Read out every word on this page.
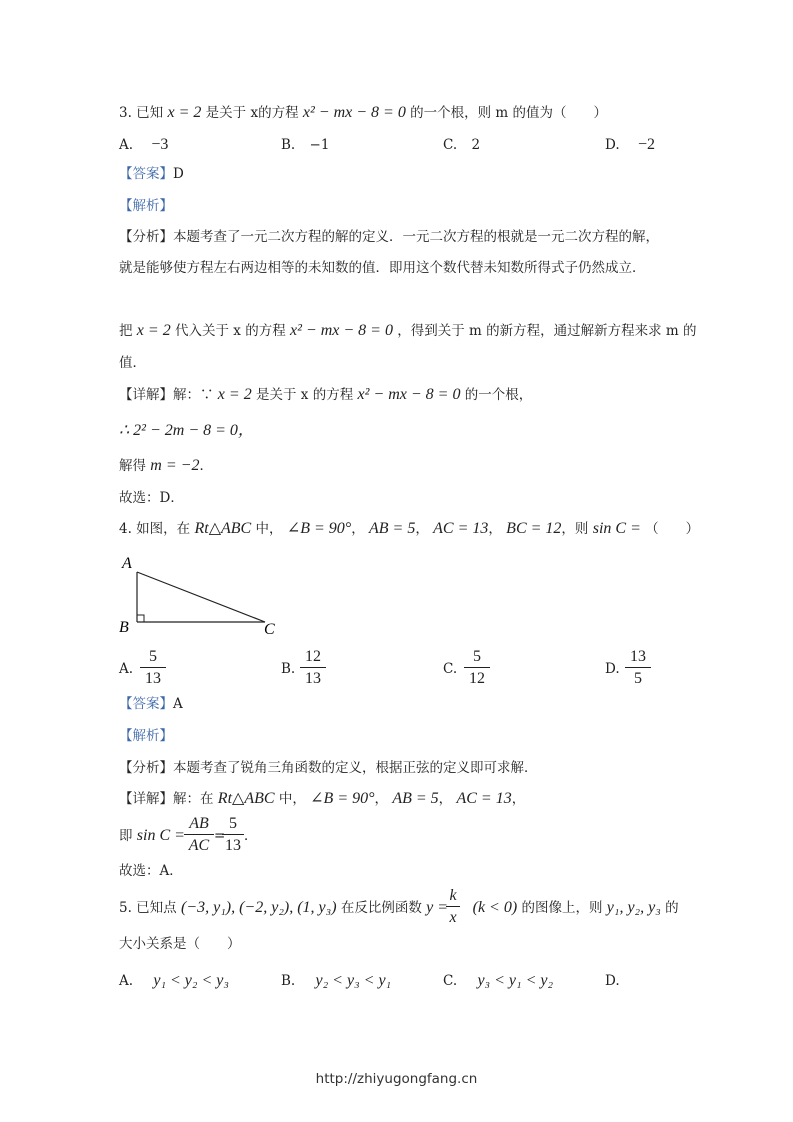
3. 已知 x = 2 是关于 x的方程 x² − mx − 8 = 0 的一个根，则 m 的值为（　　）
A. −3	B. −1	C. 2	D. −2
【答案】D
【解析】
【分析】本题考查了一元二次方程的解的定义．一元二次方程的根就是一元二次方程的解，
就是能够使方程左右两边相等的未知数的值．即用这个数代替未知数所得式子仍然成立．
把 x = 2 代入关于 x 的方程 x² − mx − 8 = 0 ，得到关于 m 的新方程，通过解新方程来求 m 的
值．
【详解】解：∵ x = 2 是关于 x 的方程 x² − mx − 8 = 0 的一个根，
∴ 2² − 2m − 8 = 0，
解得 m = −2．
故选：D．
4. 如图，在 Rt△ABC 中， ∠B = 90°， AB = 5， AC = 13， BC = 12，则 sin C = （　　）
A
B	C
A. $\frac{5}{13}$	B. $\frac{12}{13}$	C. $\frac{5}{12}$	D. $\frac{13}{5}$
【答案】A
【解析】
【分析】本题考查了锐角三角函数的定义，根据正弦的定义即可求解．
【详解】解：在 Rt△ABC 中， ∠B = 90°， AB = 5， AC = 13，
即 $\sin C = \frac{AB}{AC}$ =
$\frac{5}{13}$ ．
故选：A．
5. 已知点 (−3, y₁), (−2, y₂), (1, y₃) 在反比例函数 y = (k < 0) 的图像上，则 y₁, y₂, y₃ 的
$\frac{k}{x}$
大小关系是（　　）
A. y₁ < y₂ < y₃	B. y₂ < y₃ < y₁	C. y₃ < y₁ < y₂	D.
http://zhiyugongfang.cn
